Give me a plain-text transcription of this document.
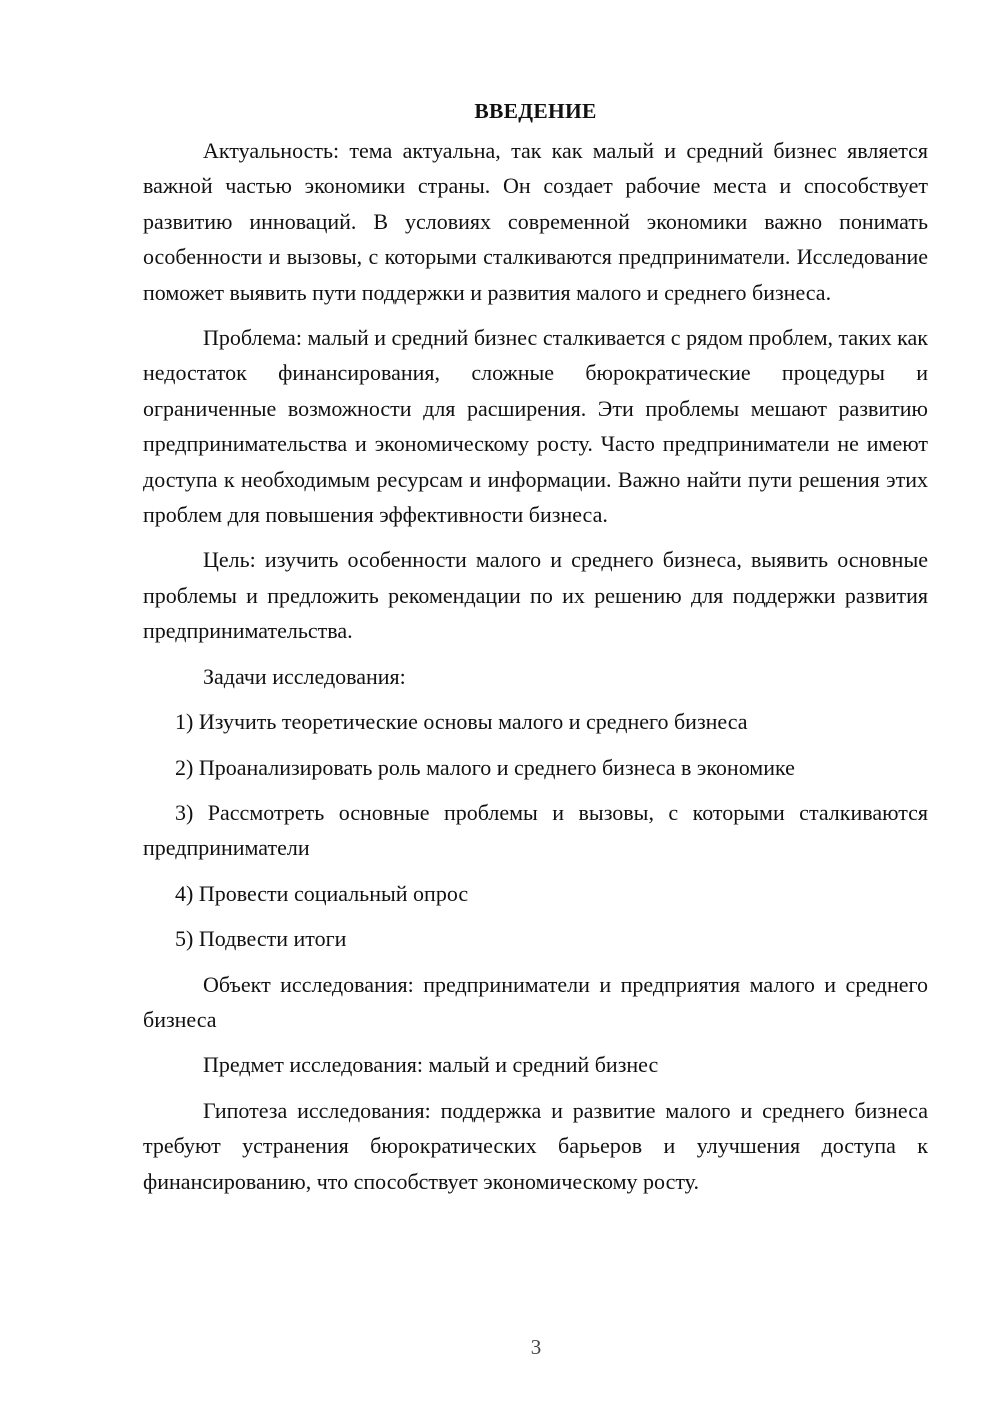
ВВЕДЕНИЕ

Актуальность: тема актуальна, так как малый и средний бизнес является важной частью экономики страны. Он создает рабочие места и способствует развитию инноваций. В условиях современной экономики важно понимать особенности и вызовы, с которыми сталкиваются предприниматели. Исследование поможет выявить пути поддержки и развития малого и среднего бизнеса.

Проблема: малый и средний бизнес сталкивается с рядом проблем, таких как недостаток финансирования, сложные бюрократические процедуры и ограниченные возможности для расширения. Эти проблемы мешают развитию предпринимательства и экономическому росту. Часто предприниматели не имеют доступа к необходимым ресурсам и информации. Важно найти пути решения этих проблем для повышения эффективности бизнеса.

Цель: изучить особенности малого и среднего бизнеса, выявить основные проблемы и предложить рекомендации по их решению для поддержки развития предпринимательства.

Задачи исследования:

1) Изучить теоретические основы малого и среднего бизнеса

2) Проанализировать роль малого и среднего бизнеса в экономике

3) Рассмотреть основные проблемы и вызовы, с которыми сталкиваются предприниматели

4) Провести социальный опрос

5) Подвести итоги

Объект исследования: предприниматели и предприятия малого и среднего бизнеса

Предмет исследования: малый и средний бизнес

Гипотеза исследования: поддержка и развитие малого и среднего бизнеса требуют устранения бюрократических барьеров и улучшения доступа к финансированию, что способствует экономическому росту.

3
